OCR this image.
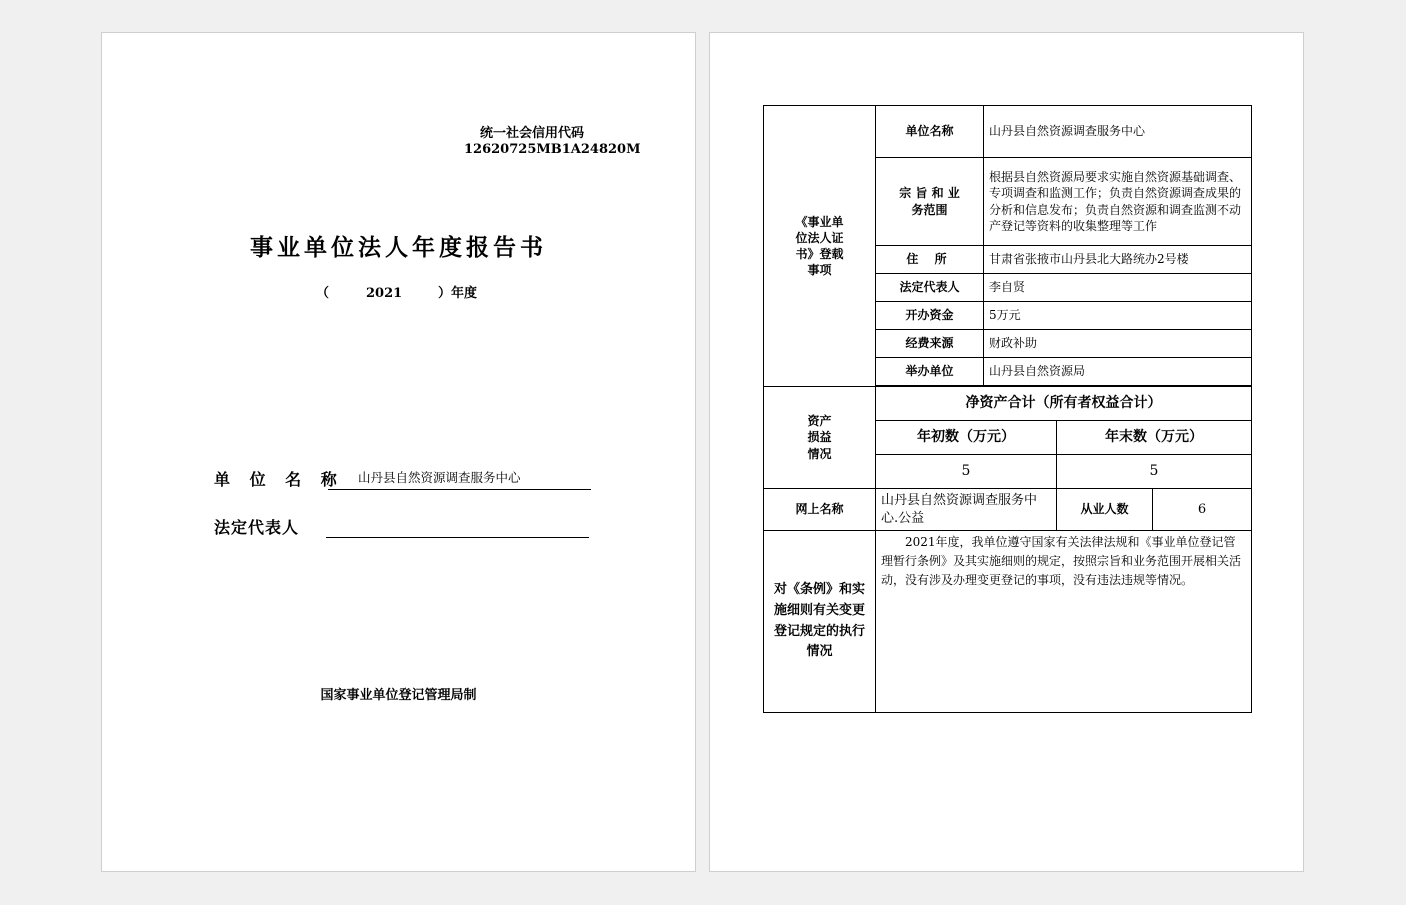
统一社会信用代码
12620725MB1A24820M
事业单位法人年度报告书
（	2021	）年度
单 位 名 称 山丹县自然资源调查服务中心
法定代表人
国家事业单位登记管理局制
《事业单位法人证书》登载事项	单位名称	山丹县自然资源调查服务中心		
	宗 旨 和 业务范围	根据县自然资源局要求实施自然资源基础调查、专项调查和监测工作；负责自然资源调查成果的分析和信息发布；负责自然资源和调查监测不动产登记等资料的收集整理等工作		
	住 所	甘肃省张掖市山丹县北大路统办2号楼		
	法定代表人	李自贤		
	开办资金	5万元		
	经费来源	财政补助		
	举办单位	山丹县自然资源局		

资产损益情况	净资产合计（所有者权益合计）			
	年初数（万元）		年末数（万元）	
	5		5	
网上名称	山丹县自然资源调查服务中心.公益		从业人数	6
对《条例》和实施细则有关变更登记规定的执行情况	2021年度，我单位遵守国家有关法律法规和《事业单位登记管理暂行条例》及其实施细则的规定，按照宗旨和业务范围开展相关活动，没有涉及办理变更登记的事项，没有违法违规等情况。			
